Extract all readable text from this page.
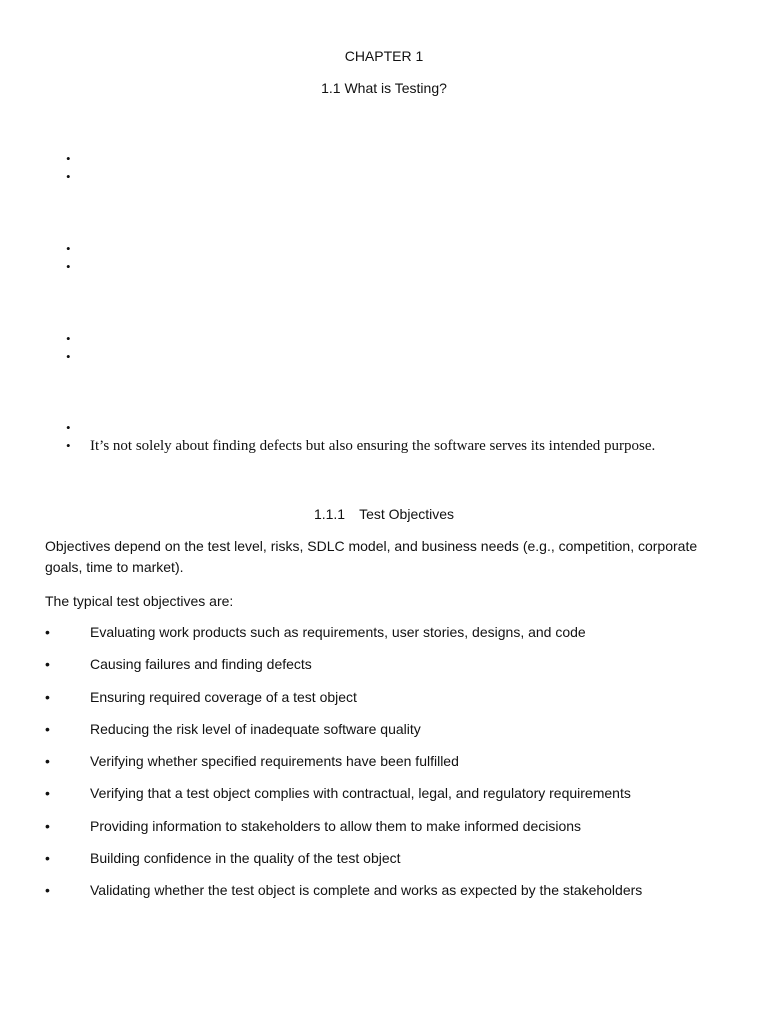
CHAPTER 1
1.1 What is Testing?
•
•
•
•
•
•
•
• It’s not solely about finding defects but also ensuring the software serves its intended purpose.
1.1.1 Test Objectives

Objectives depend on the test level, risks, SDLC model, and business needs (e.g., competition, corporate goals, time to market).

The typical test objectives are:

•	Evaluating work products such as requirements, user stories, designs, and code
•	Causing failures and finding defects
•	Ensuring required coverage of a test object
•	Reducing the risk level of inadequate software quality
•	Verifying whether specified requirements have been fulfilled
•	Verifying that a test object complies with contractual, legal, and regulatory requirements
•	Providing information to stakeholders to allow them to make informed decisions
•	Building confidence in the quality of the test object
•	Validating whether the test object is complete and works as expected by the stakeholders
